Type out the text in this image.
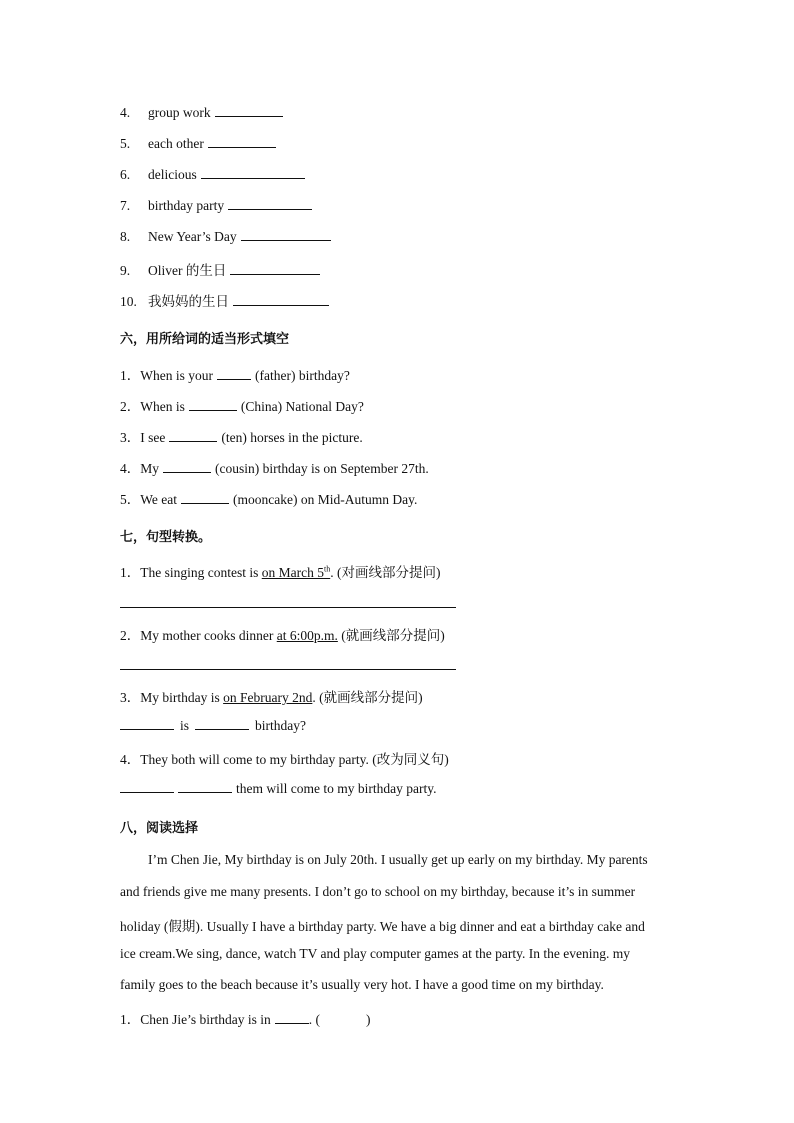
4. group work
5. each other
6. delicious
7. birthday party
8. New Year’s Day
9. Oliver 的生日
10. 我妈妈的生日
六，用所给词的适当形式填空
1．When is your	(father) birthday?
2．When is	(China) National Day?
3．I see	(ten) horses in the picture.
4．My	(cousin) birthday is on September 27th.
5．We eat	(mooncake) on Mid-Autumn Day.
七，句型转换。
1．The singing contest is on March 5th. (对画线部分提问)
2．My mother cooks dinner at 6:00p.m. (就画线部分提问)
3．My birthday is on February 2nd. (就画线部分提问)
is	birthday?
4．They both will come to my birthday party. (改为同义句)
them will come to my birthday party.
八，阅读选择
I’m Chen Jie, My birthday is on July 20th. I usually get up early on my birthday. My parents
and friends give me many presents. I don’t go to school on my birthday, because it’s in summer
holiday (假期). Usually I have a birthday party. We have a big dinner and eat a birthday cake and
ice cream.We sing, dance, watch TV and play computer games at the party. In the evening. my
family goes to the beach because it’s usually very hot. I have a good time on my birthday.
1．Chen Jie’s birthday is in	. (	)
